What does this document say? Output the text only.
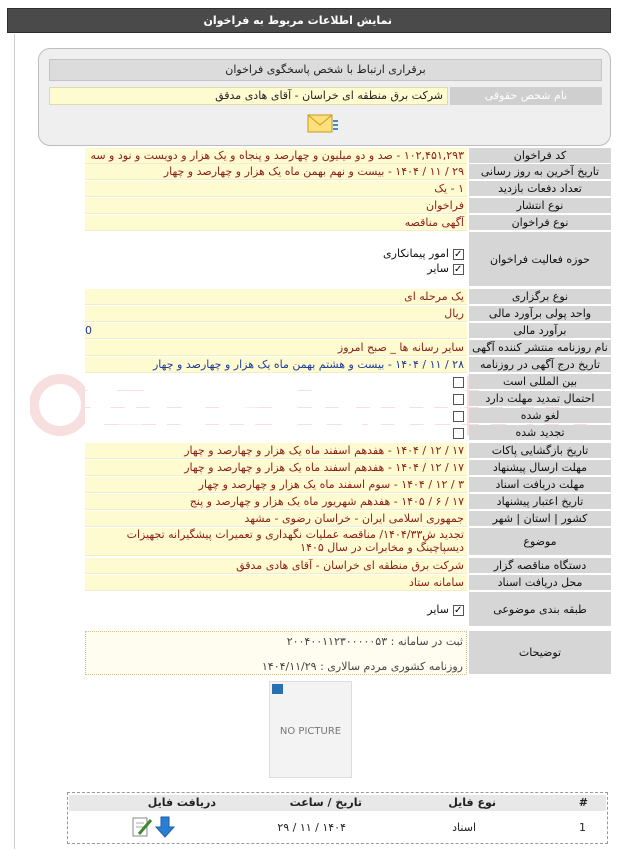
نمایش اطلاعات مربوط به فراخوان
برقراری ارتباط با شخص پاسخگوی فراخوان
نام شخص حقوقی
شرکت برق منطقه ای خراسان - آقای هادی مدقق
کد فراخوان
۱۰۲,۴۵۱,۲۹۳ - صد و دو میلیون و چهارصد و پنجاه و یک هزار و دویست و نود و سه
تاریخ آخرین به روز رسانی
۲۹ / ۱۱ / ۱۴۰۴ - بیست و نهم بهمن ماه یک هزار و چهارصد و چهار
تعداد دفعات بازدید
۱ - یک
نوع انتشار
فراخوان
نوع فراخوان
آگهی مناقصه
حوزه فعالیت فراخوان
✓امور پیمانکاری
✓سایر
نوع برگزاری
یک مرحله ای
واحد پولی برآورد مالی
ریال
برآورد مالی
0
نام روزنامه منتشر کننده آگهی
سایر رسانه ها _ صبح امروز
تاریخ درج آگهی در روزنامه
۲۸ / ۱۱ / ۱۴۰۴ - بیست و هشتم بهمن ماه یک هزار و چهارصد و چهار
بین المللی است
احتمال تمدید مهلت دارد
لغو شده
تجدید شده
تاریخ بازگشایی پاکات
۱۷ / ۱۲ / ۱۴۰۴ - هفدهم اسفند ماه یک هزار و چهارصد و چهار
مهلت ارسال پیشنهاد
۱۷ / ۱۲ / ۱۴۰۴ - هفدهم اسفند ماه یک هزار و چهارصد و چهار
مهلت دریافت اسناد
۳ / ۱۲ / ۱۴۰۴ - سوم اسفند ماه یک هزار و چهارصد و چهار
تاریخ اعتبار پیشنهاد
۱۷ / ۶ / ۱۴۰۵ - هفدهم شهریور ماه یک هزار و چهارصد و پنج
کشور | استان | شهر
جمهوری اسلامی ایران - خراسان رضوی - مشهد
موضوع
تجدید ش۱۴۰۴/۳۳/ مناقصه عملیات نگهداری و تعمیرات پیشگیرانه تجهیزات دیسپاچینگ و مخابرات در سال ۱۴۰۵
دستگاه مناقصه گزار
شرکت برق منطقه ای خراسان - آقای هادی مدقق
محل دریافت اسناد
سامانه ستاد
طبقه بندی موضوعی
✓سایر
توضیحات
ثبت در سامانه : ۲۰۰۴۰۰۱۱۲۳۰۰۰۰۰۵۳
روزنامه کشوری مردم سالاری : ۱۴۰۴/۱۱/۲۹
NO PICTURE
#
نوع فایل
تاریخ / ساعت
دریافت فایل
1
اسناد
۲۹ / ۱۱ / ۱۴۰۴
